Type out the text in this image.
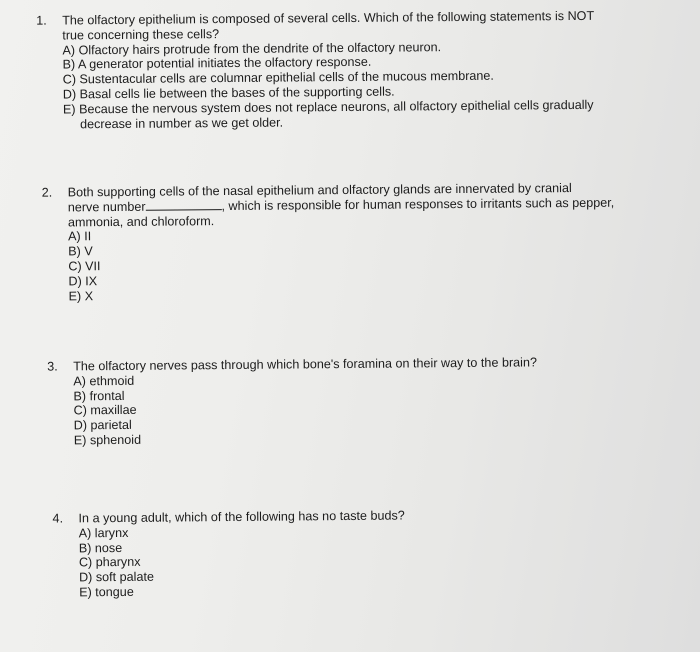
1. The olfactory epithelium is composed of several cells. Which of the following statements is NOT
true concerning these cells?
A) Olfactory hairs protrude from the dendrite of the olfactory neuron.
B) A generator potential initiates the olfactory response.
C) Sustentacular cells are columnar epithelial cells of the mucous membrane.
D) Basal cells lie between the bases of the supporting cells.
E) Because the nervous system does not replace neurons, all olfactory epithelial cells gradually
decrease in number as we get older.
2. Both supporting cells of the nasal epithelium and olfactory glands are innervated by cranial
nerve number	, which is responsible for human responses to irritants such as pepper,
ammonia, and chloroform.
A) II
B) V
C) VII
D) IX
E) X
3. The olfactory nerves pass through which bone's foramina on their way to the brain?
A) ethmoid
B) frontal
C) maxillae
D) parietal
E) sphenoid
4. In a young adult, which of the following has no taste buds?
A) larynx
B) nose
C) pharynx
D) soft palate
E) tongue
